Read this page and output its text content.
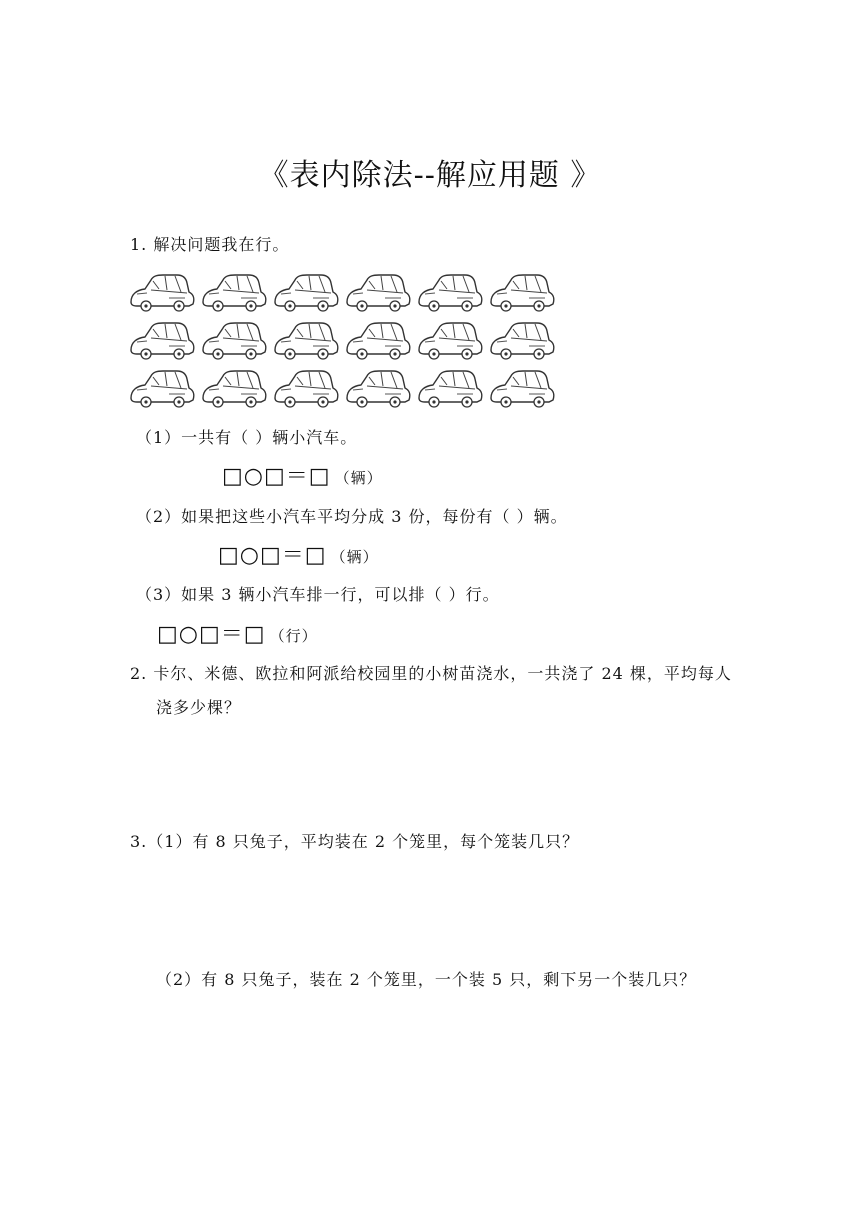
《表内除法--解应用题 》
1. 解决问题我在行。
（1）一共有（ ）辆小汽车。
□○□＝□ （辆）
（2）如果把这些小汽车平均分成 3 份，每份有（ ）辆。
□○□＝□ （辆）
（3）如果 3 辆小汽车排一行，可以排（ ）行。
□○□＝□ （行）
2. 卡尔、米德、欧拉和阿派给校园里的小树苗浇水，一共浇了 24 棵，平均每人
浇多少棵？
3.（1）有 8 只兔子，平均装在 2 个笼里，每个笼装几只？
（2）有 8 只兔子，装在 2 个笼里，一个装 5 只，剩下另一个装几只？
